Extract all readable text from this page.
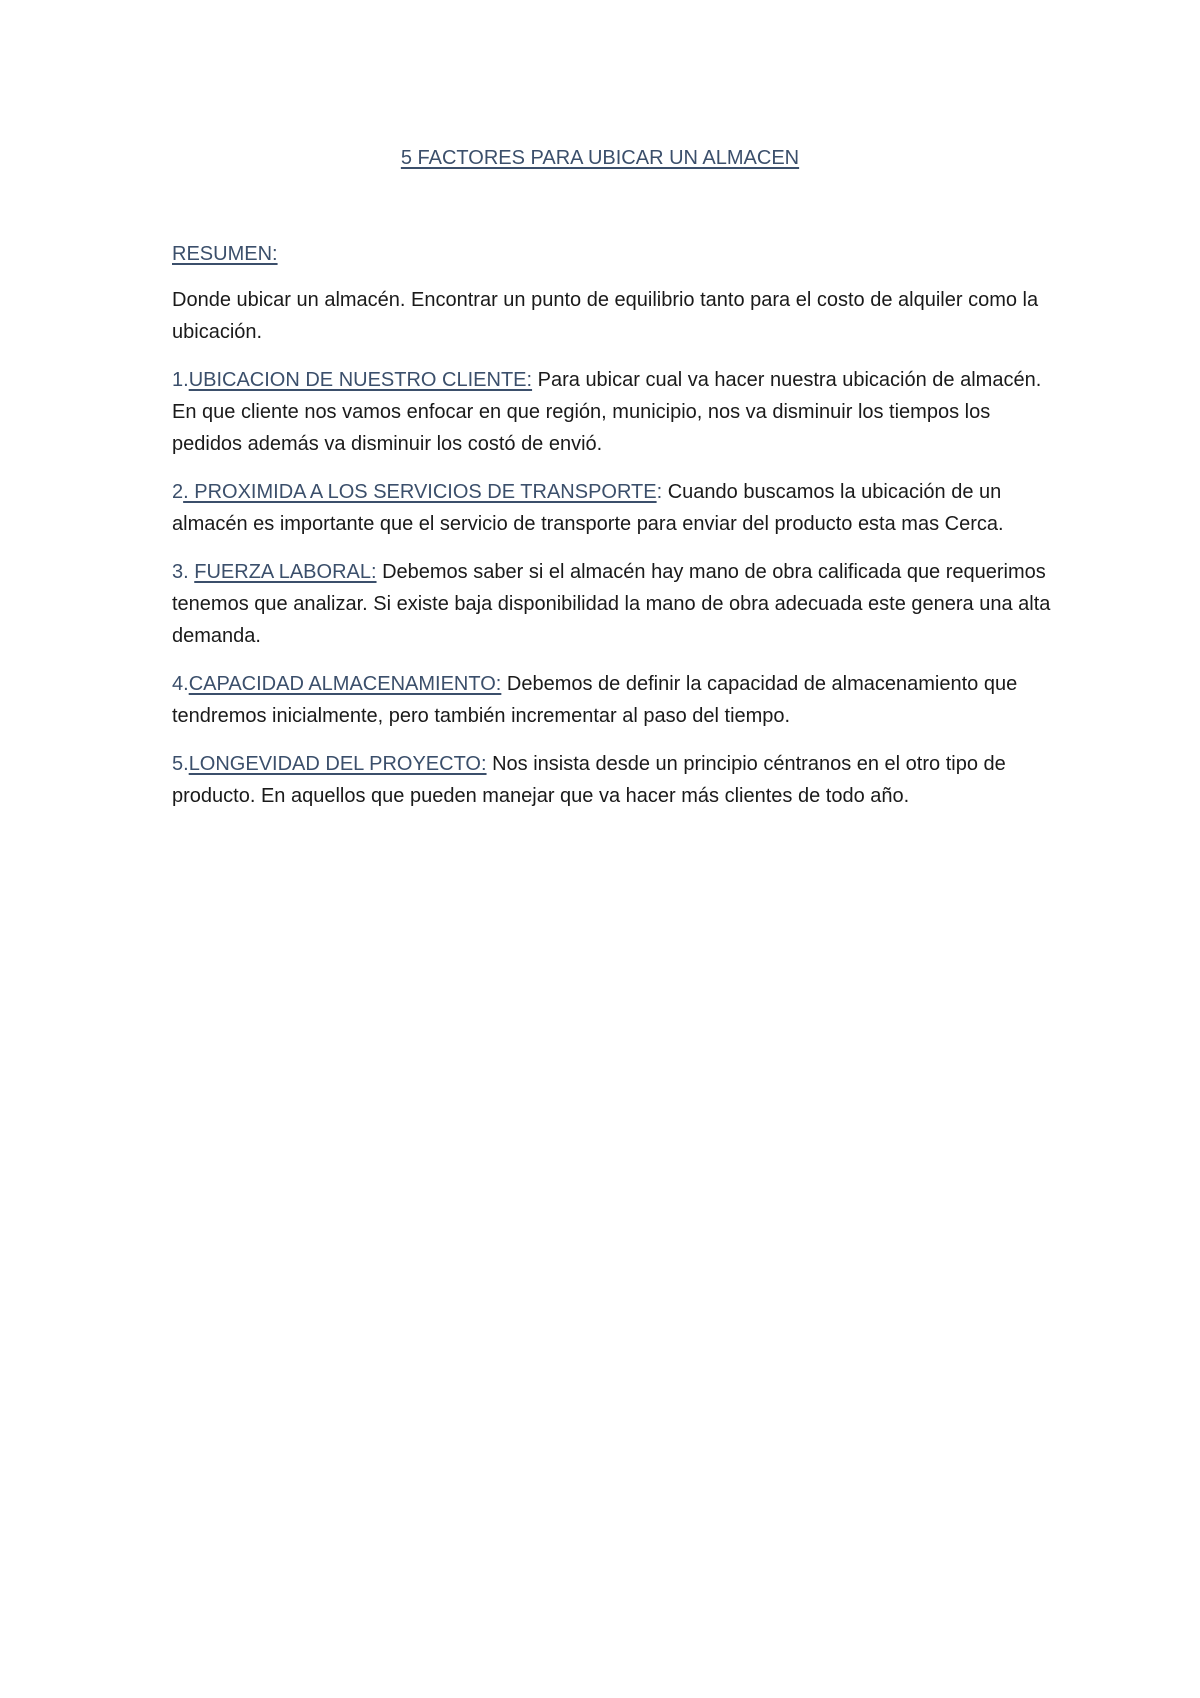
5 FACTORES PARA UBICAR UN ALMACEN
RESUMEN:

Donde ubicar un almacén. Encontrar un punto de equilibrio tanto para el costo de alquiler como la ubicación.

1.UBICACION DE NUESTRO CLIENTE: Para ubicar cual va hacer nuestra ubicación de almacén. En que cliente nos vamos enfocar en que región, municipio, nos va disminuir los tiempos los pedidos además va disminuir los costó de envió.

2. PROXIMIDA A LOS SERVICIOS DE TRANSPORTE: Cuando buscamos la ubicación de un almacén es importante que el servicio de transporte para enviar del producto esta mas Cerca.

3. FUERZA LABORAL: Debemos saber si el almacén hay mano de obra calificada que requerimos tenemos que analizar. Si existe baja disponibilidad la mano de obra adecuada este genera una alta demanda.

4.CAPACIDAD ALMACENAMIENTO: Debemos de definir la capacidad de almacenamiento que tendremos inicialmente, pero también incrementar al paso del tiempo.

5.LONGEVIDAD DEL PROYECTO: Nos insista desde un principio céntranos en el otro tipo de producto. En aquellos que pueden manejar que va hacer más clientes de todo año.
